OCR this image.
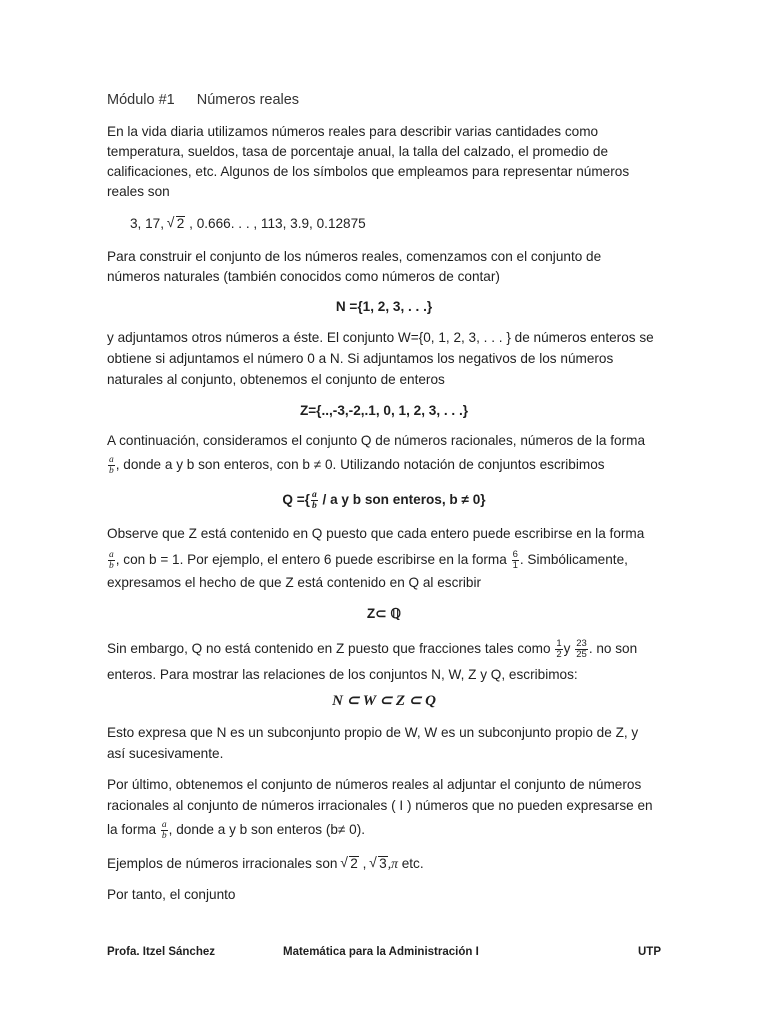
Módulo #1 Números reales
En la vida diaria utilizamos números reales para describir varias cantidades como
temperatura, sueldos, tasa de porcentaje anual, la talla del calzado, el promedio de
calificaciones, etc. Algunos de los símbolos que empleamos para representar números
reales son
3, 17, √ 2 , 0.666. . . , 113, 3.9, 0.12875
Para construir el conjunto de los números reales, comenzamos con el conjunto de
números naturales (también conocidos como números de contar)
N ={1, 2, 3, . . .}
y adjuntamos otros números a éste. El conjunto W={0, 1, 2, 3, . . . } de números enteros se
obtiene si adjuntamos el número 0 a N. Si adjuntamos los negativos de los números
naturales al conjunto, obtenemos el conjunto de enteros
Z={..,-3,-2,.1, 0, 1, 2, 3, . . .}
A continuación, consideramos el conjunto Q de números racionales, números de la forma
$\frac{a}{b}$ , donde a y b son enteros, con b ≠ 0. Utilizando notación de conjuntos escribimos
Q ={ $\frac{a}{b}$ / a y b son enteros, b ≠ 0}
Observe que Z está contenido en Q puesto que cada entero puede escribirse en la forma
$\frac{a}{b}$ , con b = 1. Por ejemplo, el entero 6 puede escribirse en la forma $\frac{6}{1}$ . Simbólicamente,
expresamos el hecho de que Z está contenido en Q al escribir
Z⊂ ℚ
Sin embargo, Q no está contenido en Z puesto que fracciones tales como $\frac{1}{2}$ y $\frac{23}{25}$ . no son
enteros. Para mostrar las relaciones de los conjuntos N, W, Z y Q, escribimos:
N ⊂ W ⊂ Z ⊂ Q
Esto expresa que N es un subconjunto propio de W, W es un subconjunto propio de Z, y
así sucesivamente.
Por último, obtenemos el conjunto de números reales al adjuntar el conjunto de números
racionales al conjunto de números irracionales ( I ) números que no pueden expresarse en
la forma $\frac{a}{b}$ , donde a y b son enteros (b≠ 0).
Ejemplos de números irracionales son √ 2 , √ 3,π etc.
Por tanto, el conjunto
Profa. Itzel Sánchez	Matemática para la Administración I	UTP
